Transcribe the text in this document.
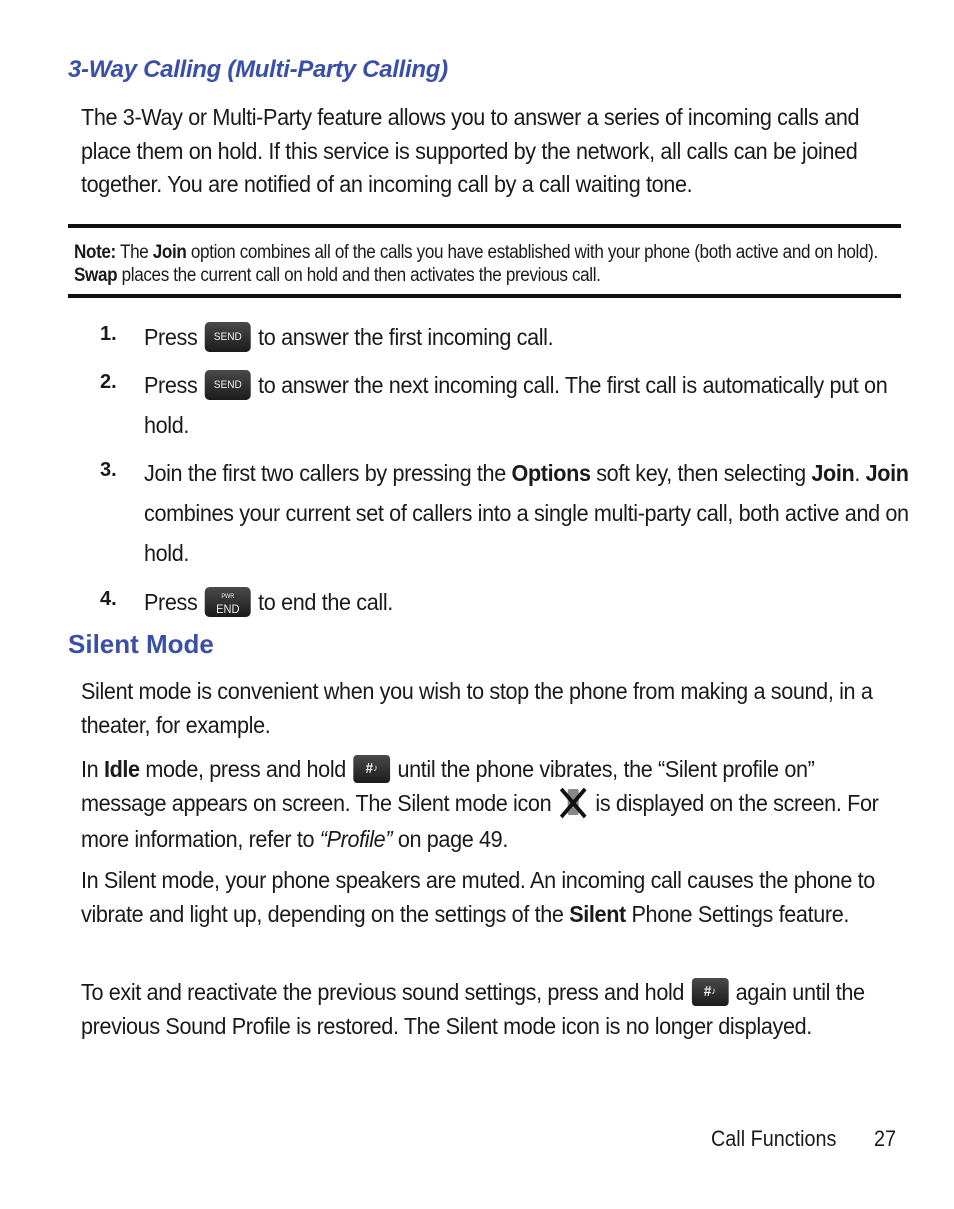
3-Way Calling (Multi-Party Calling)

The 3-Way or Multi-Party feature allows you to answer a series of incoming calls and place them on hold. If this service is supported by the network, all calls can be joined together. You are notified of an incoming call by a call waiting tone.

Note: The Join option combines all of the calls you have established with your phone (both active and on hold). Swap places the current call on hold and then activates the previous call.

1. Press SEND to answer the first incoming call.

2. Press SEND to answer the next incoming call. The first call is automatically put on hold.

3. Join the first two callers by pressing the Options soft key, then selecting Join. Join combines your current set of callers into a single multi-party call, both active and on hold.

4. Press	PWR
END to end the call.

Silent Mode

Silent mode is convenient when you wish to stop the phone from making a sound, in a theater, for example.

In Idle mode, press and hold #♪ until the phone vibrates, the “Silent profile on” message appears on screen. The Silent mode icon is displayed on the screen. For more information, refer to “Profile” on page 49.

In Silent mode, your phone speakers are muted. An incoming call causes the phone to vibrate and light up, depending on the settings of the Silent Phone Settings feature.

To exit and reactivate the previous sound settings, press and hold #♪ again until the previous Sound Profile is restored. The Silent mode icon is no longer displayed.

Call Functions 27
